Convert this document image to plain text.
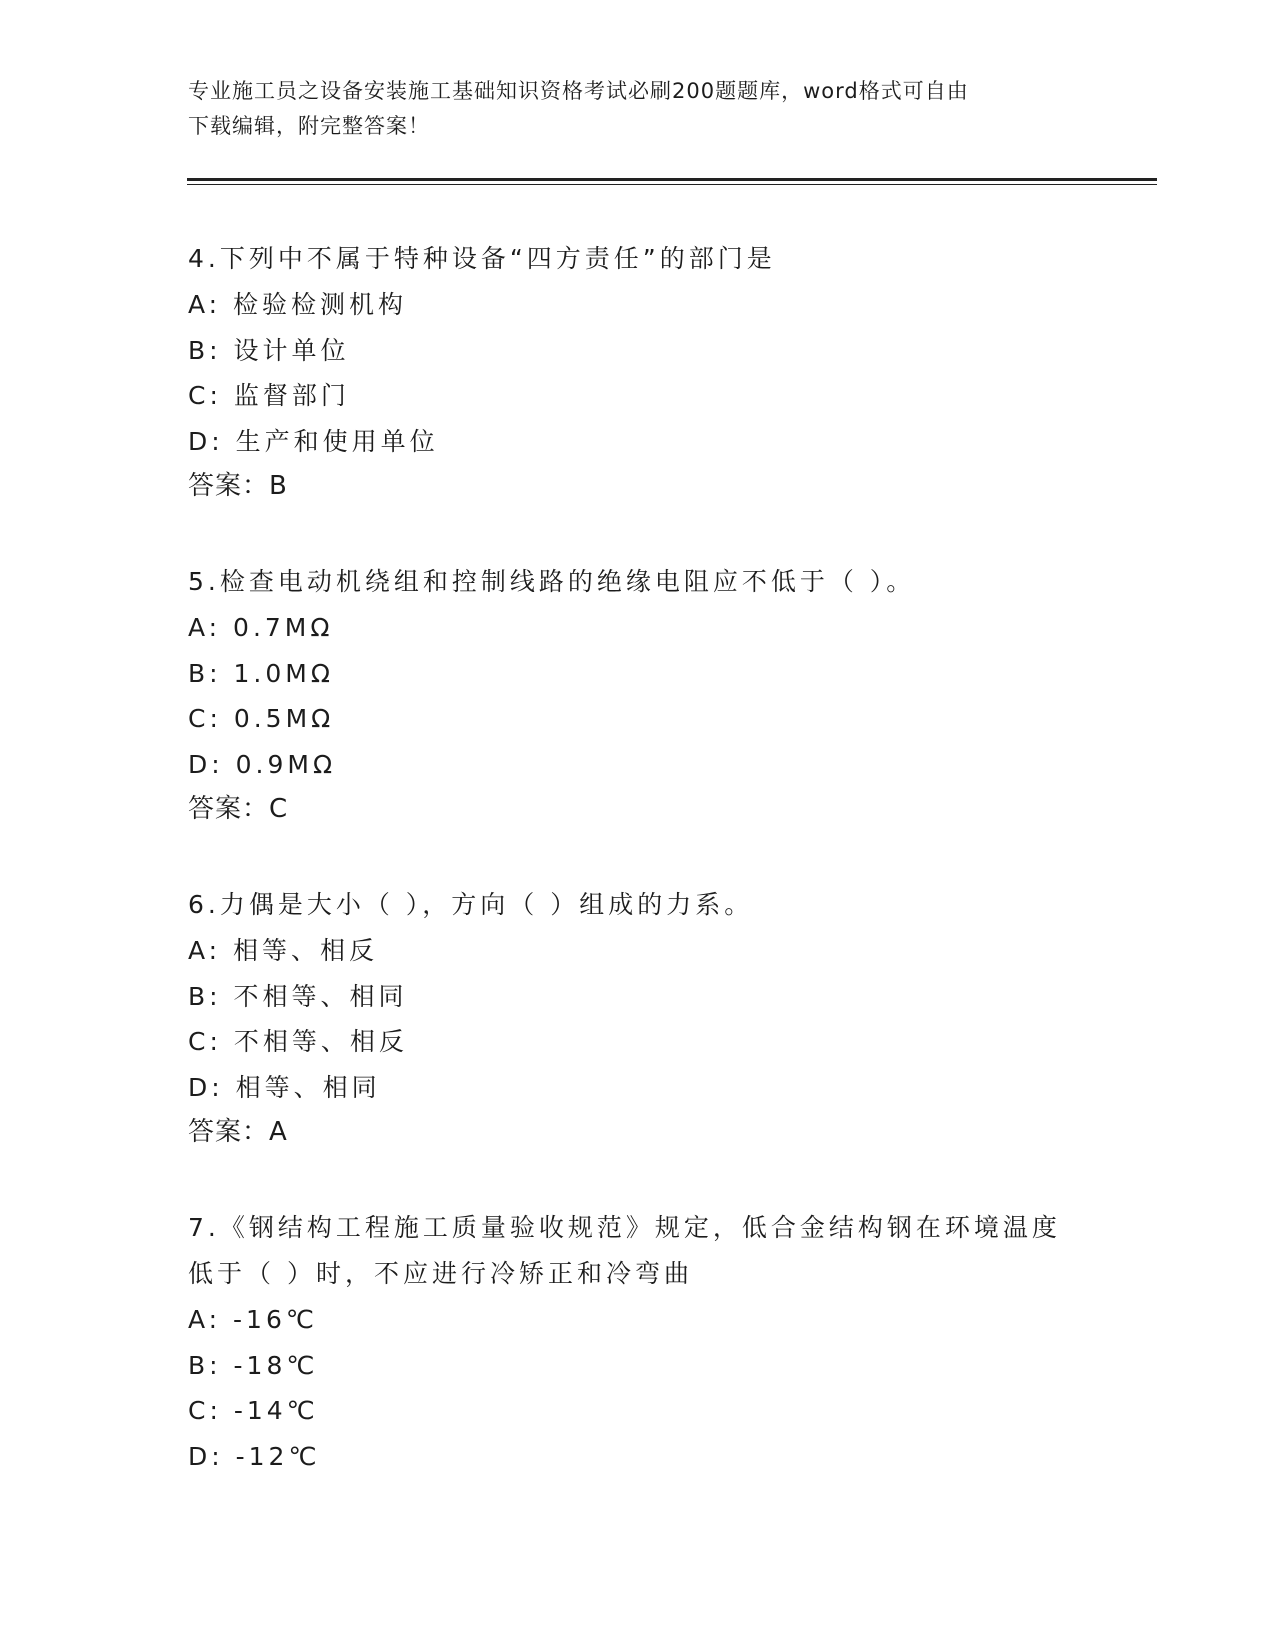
专业施工员之设备安装施工基础知识资格考试必刷200题题库，word格式可自由
下载编辑，附完整答案！
4.下列中不属于特种设备“四方责任”的部门是
A: 检验检测机构
B: 设计单位
C: 监督部门
D: 生产和使用单位
答案：B
5.检查电动机绕组和控制线路的绝缘电阻应不低于（ ）。
A: 0.7MΩ
B: 1.0MΩ
C: 0.5MΩ
D: 0.9MΩ
答案：C
6.力偶是大小（ ），方向（ ）组成的力系。
A: 相等、相反
B: 不相等、相同
C: 不相等、相反
D: 相等、相同
答案：A
7.《钢结构工程施工质量验收规范》规定，低合金结构钢在环境温度
低于（ ）时，不应进行冷矫正和冷弯曲
A: -16℃
B: -18℃
C: -14℃
D: -12℃
